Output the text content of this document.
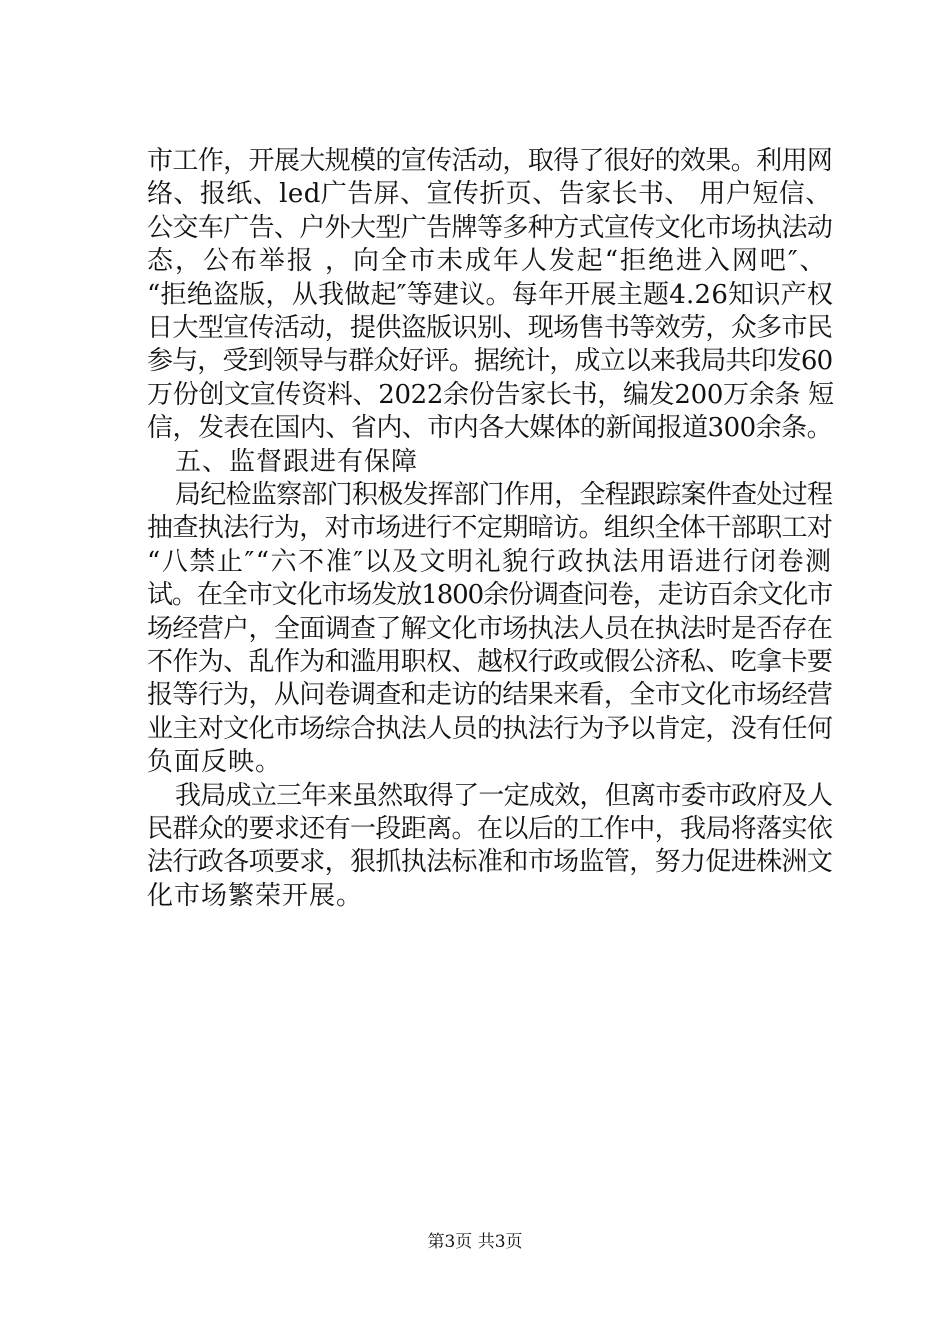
市工作，开展大规模的宣传活动，取得了很好的效果。利用网

络、报纸、led广告屏、宣传折页、告家长书、 用户短信、

公交车广告、户外大型广告牌等多种方式宣传文化市场执法动

态，公布举报 ，向全市未成年人发起“拒绝进入网吧″、

“拒绝盗版，从我做起″等建议。每年开展主题4.26知识产权

日大型宣传活动，提供盗版识别、现场售书等效劳，众多市民

参与，受到领导与群众好评。据统计，成立以来我局共印发60

万份创文宣传资料、2022余份告家长书，编发200万余条 短

信，发表在国内、省内、市内各大媒体的新闻报道300余条。

五、监督跟进有保障

局纪检监察部门积极发挥部门作用，全程跟踪案件查处过程

抽查执法行为，对市场进行不定期暗访。组织全体干部职工对

“八禁止″“六不准″以及文明礼貌行政执法用语进行闭卷测

试。在全市文化市场发放1800余份调查问卷，走访百余文化市

场经营户，全面调查了解文化市场执法人员在执法时是否存在

不作为、乱作为和滥用职权、越权行政或假公济私、吃拿卡要

报等行为，从问卷调查和走访的结果来看，全市文化市场经营

业主对文化市场综合执法人员的执法行为予以肯定，没有任何

负面反映。

我局成立三年来虽然取得了一定成效，但离市委市政府及人

民群众的要求还有一段距离。在以后的工作中，我局将落实依

法行政各项要求，狠抓执法标准和市场监管，努力促进株洲文

化市场繁荣开展。

第3页 共3页
